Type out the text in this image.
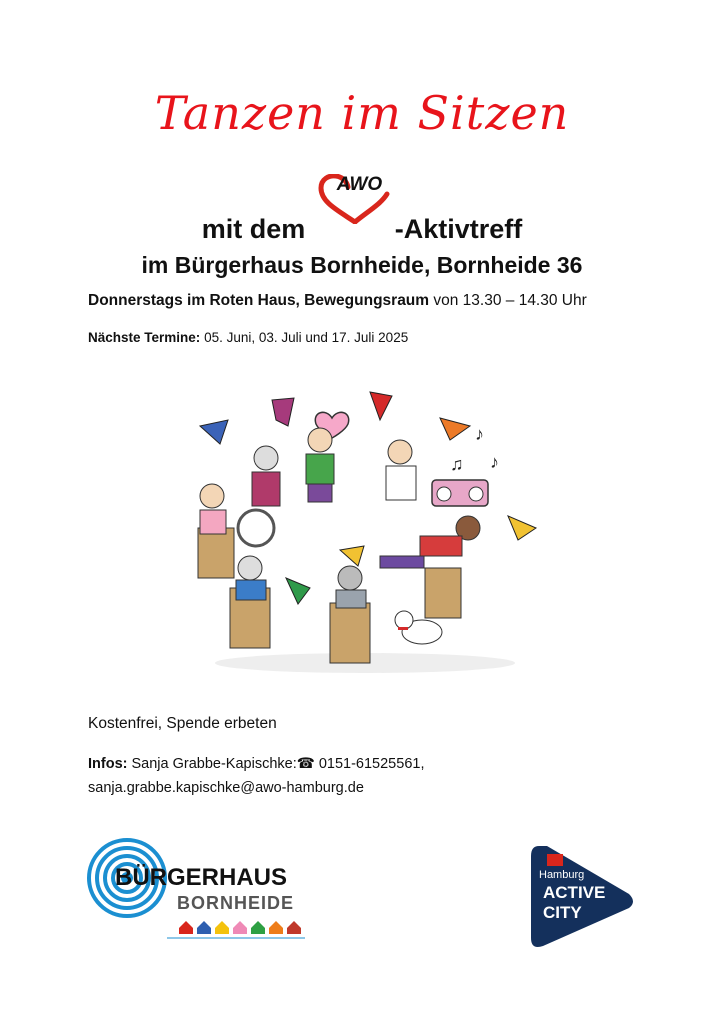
Tanzen im Sitzen
mit dem
AWO
-Aktivtreff
im Bürgerhaus Bornheide, Bornheide 36
Donnerstags im Roten Haus, Bewegungsraum von 13.30 – 14.30 Uhr
Nächste Termine: 05. Juni, 03. Juli und 17. Juli 2025
♪
♫ ♪
Kostenfrei, Spende erbeten
Infos: Sanja Grabbe-Kapischke:☎ 0151-61525561,
sanja.grabbe.kapischke@awo-hamburg.de
BÜRGERHAUS
BORNHEIDE
Hamburg
ACTIVE
CITY
